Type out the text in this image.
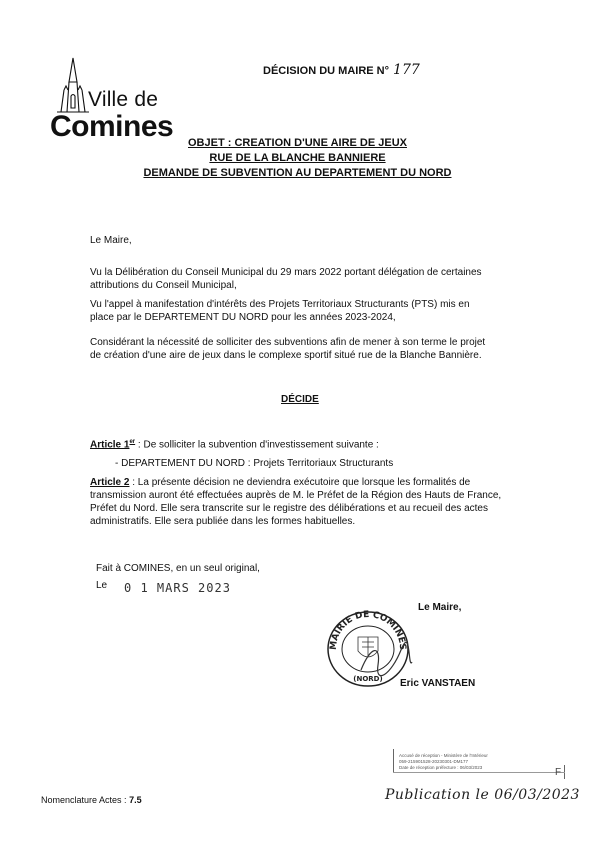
Ville de
Comines
DÉCISION DU MAIRE N° 177
OBJET : CREATION D'UNE AIRE DE JEUX
RUE DE LA BLANCHE BANNIERE
DEMANDE DE SUBVENTION AU DEPARTEMENT DU NORD
Le Maire,
Vu la Délibération du Conseil Municipal du 29 mars 2022 portant délégation de certaines
attributions du Conseil Municipal,
Vu l'appel à manifestation d'intérêts des Projets Territoriaux Structurants (PTS) mis en
place par le DEPARTEMENT DU NORD pour les années 2023-2024,
Considérant la nécessité de solliciter des subventions afin de mener à son terme le projet
de création d'une aire de jeux dans le complexe sportif situé rue de la Blanche Bannière.
DÉCIDE
Article 1er : De solliciter la subvention d'investissement suivante :
- DEPARTEMENT DU NORD : Projets Territoriaux Structurants
Article 2 : La présente décision ne deviendra exécutoire que lorsque les formalités de
transmission auront été effectuées auprès de M. le Préfet de la Région des Hauts de France,
Préfet du Nord. Elle sera transcrite sur le registre des délibérations et au recueil des actes
administratifs. Elle sera publiée dans les formes habituelles.
Fait à COMINES, en un seul original,
Le 0 1 MARS 2023
Le Maire,
MAIRIE DE COMINES
(NORD) Eric VANSTAEN
Accusé de réception - Ministère de l'Intérieur
059-215901528-20230301-DM177
Date de réception préfecture : 06/03/2023	F
Nomenclature Actes : 7.5	Publication le 06/03/2023
